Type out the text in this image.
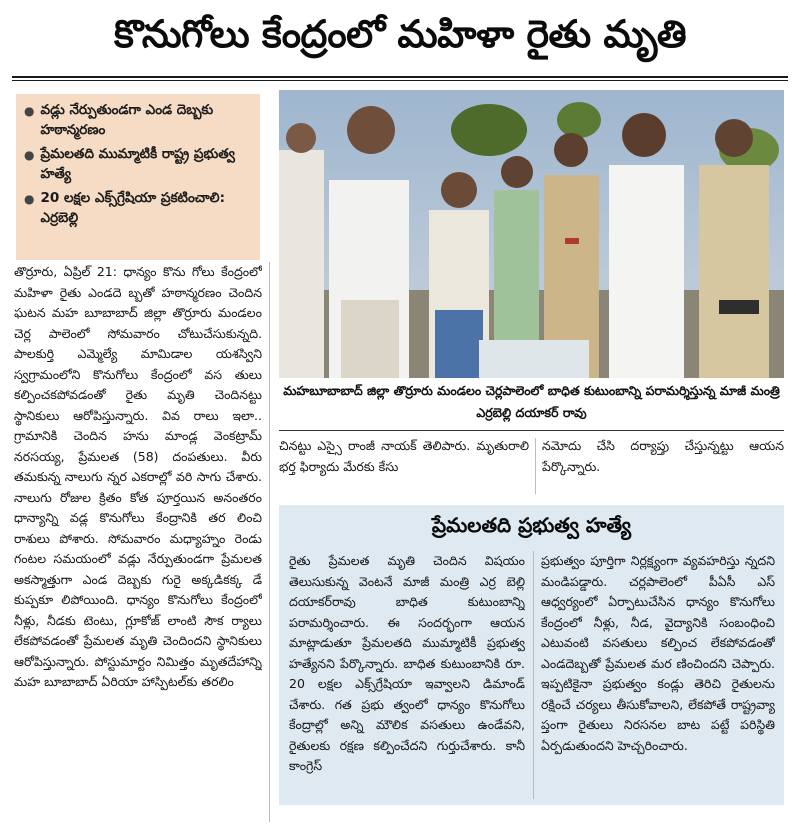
కొనుగోలు కేంద్రంలో మహిళా రైతు మృతి
● వడ్లు నేర్పుతుండగా ఎండ దెబ్బకు హఠాన్మరణం
● ప్రేమలతది ముమ్మాటికీ రాష్ట్ర ప్రభుత్వ హత్యే
● 20 లక్షల ఎక్స్‌గ్రేషియా ప్రకటించాలి: ఎర్రబెల్లి
మహబూబాబాద్ జిల్లా తొర్రూరు మండలం చెర్లపాలెంలో బాధిత కుటుంబాన్ని పరామర్శిస్తున్న మాజీ మంత్రి ఎర్రబెల్లి దయాకర్ రావు
తొర్రూరు, ఏప్రిల్ 21: ధాన్యం కొను గోలు కేంద్రంలో మహిళా రైతు ఎండదె బ్బతో హఠాన్మరణం చెందిన ఘటన మహ బూబాబాద్ జిల్లా తొర్రూరు మండలం చెర్ల పాలెంలో సోమవారం చోటుచేసుకున్నది. పాలకుర్తి ఎమ్మెల్యే మామిడాల యశస్విని స్వగ్రామంలోని కొనుగోలు కేంద్రంలో వస తులు కల్పించకపోవడంతో రైతు మృతి చెందినట్టు స్థానికులు ఆరోపిస్తున్నారు. వివ రాలు ఇలా.. గ్రామానికి చెందిన హను మాండ్ల వెంకట్రామ్ నరసయ్య, ప్రేమలత (58) దంపతులు. వీరు తమకున్న నాలుగు న్నర ఎకరాల్లో వరి సాగు చేశారు. నాలుగు రోజుల క్రితం కోత పూర్తయిన అనంతరం ధాన్యాన్ని వడ్ల కొనుగోలు కేంద్రానికి తర లించి రాశులు పోశారు. సోమవారం మధ్యాహ్నం రెండు గంటల సమయంలో వడ్లు నేర్పుతుండగా ప్రేమలత అకస్మాత్తుగా ఎండ దెబ్బకు గురై అక్కడికక్క డే కుప్పకూ లిపోయింది. ధాన్యం కొనుగోలు కేంద్రంలో నీళ్లు, నీడకు టెంటు, గ్లూకోజ్ లాంటి సౌక ర్యాలు లేకపోవడంతో ప్రేమలత మృతి చెందిందని స్థానికులు ఆరోపిస్తున్నారు. పోస్టుమార్టం నిమిత్తం మృతదేహాన్ని మహ బూబాబాద్ ఏరియా హాస్పిటల్‌కు తరలిం
చినట్టు ఎస్సై రాంజీ నాయక్ తెలిపారు. మృతురాలి భర్త ఫిర్యాదు మేరకు కేసు
నమోదు చేసి దర్యాప్తు చేస్తున్నట్టు ఆయన పేర్కొన్నారు.
ప్రేమలతది ప్రభుత్వ హత్యే
రైతు ప్రేమలత మృతి చెందిన విషయం తెలుసుకున్న వెంటనే మాజీ మంత్రి ఎర్ర బెల్లి దయాకర్‌రావు బాధిత కుటుంబాన్ని పరామర్శించారు. ఈ సందర్భంగా ఆయన మాట్లాడుతూ ప్రేమలతది ముమ్మాటికీ ప్రభుత్వ హత్యేనని పేర్కొన్నారు. బాధిత కుటుంబానికి రూ. 20 లక్షల ఎక్స్‌గ్రేషియా ఇవ్వాలని డిమాండ్ చేశారు. గత ప్రభు త్వంలో ధాన్యం కొనుగోలు కేంద్రాల్లో అన్ని మౌలిక వసతులు ఉండేవని, రైతులకు రక్షణ కల్పించేదని గుర్తుచేశారు. కానీ కాంగ్రెస్
ప్రభుత్వం పూర్తిగా నిర్లక్ష్యంగా వ్యవహరిస్తు న్నదని మండిపడ్డారు. చర్లపాలెంలో పీఏసీ ఎస్ ఆధ్వర్యంలో ఏర్పాటుచేసిన ధాన్యం కొనుగోలు కేంద్రంలో నీళ్లు, నీడ, వైద్యానికి సంబంధించి ఎటువంటి వసతులు కల్పించ లేకపోవడంతో ఎండదెబ్బతో ప్రేమలత మర ణించిందని చెప్పారు. ఇప్పటికైనా ప్రభుత్వం కండ్లు తెరిచి రైతులను రక్షించే చర్యలు తీసుకోవాలని, లేకపోతే రాష్ట్రవ్యా ప్తంగా రైతులు నిరసనల బాట పట్టే పరిస్థితి ఏర్పడుతుందని హెచ్చరించారు.
